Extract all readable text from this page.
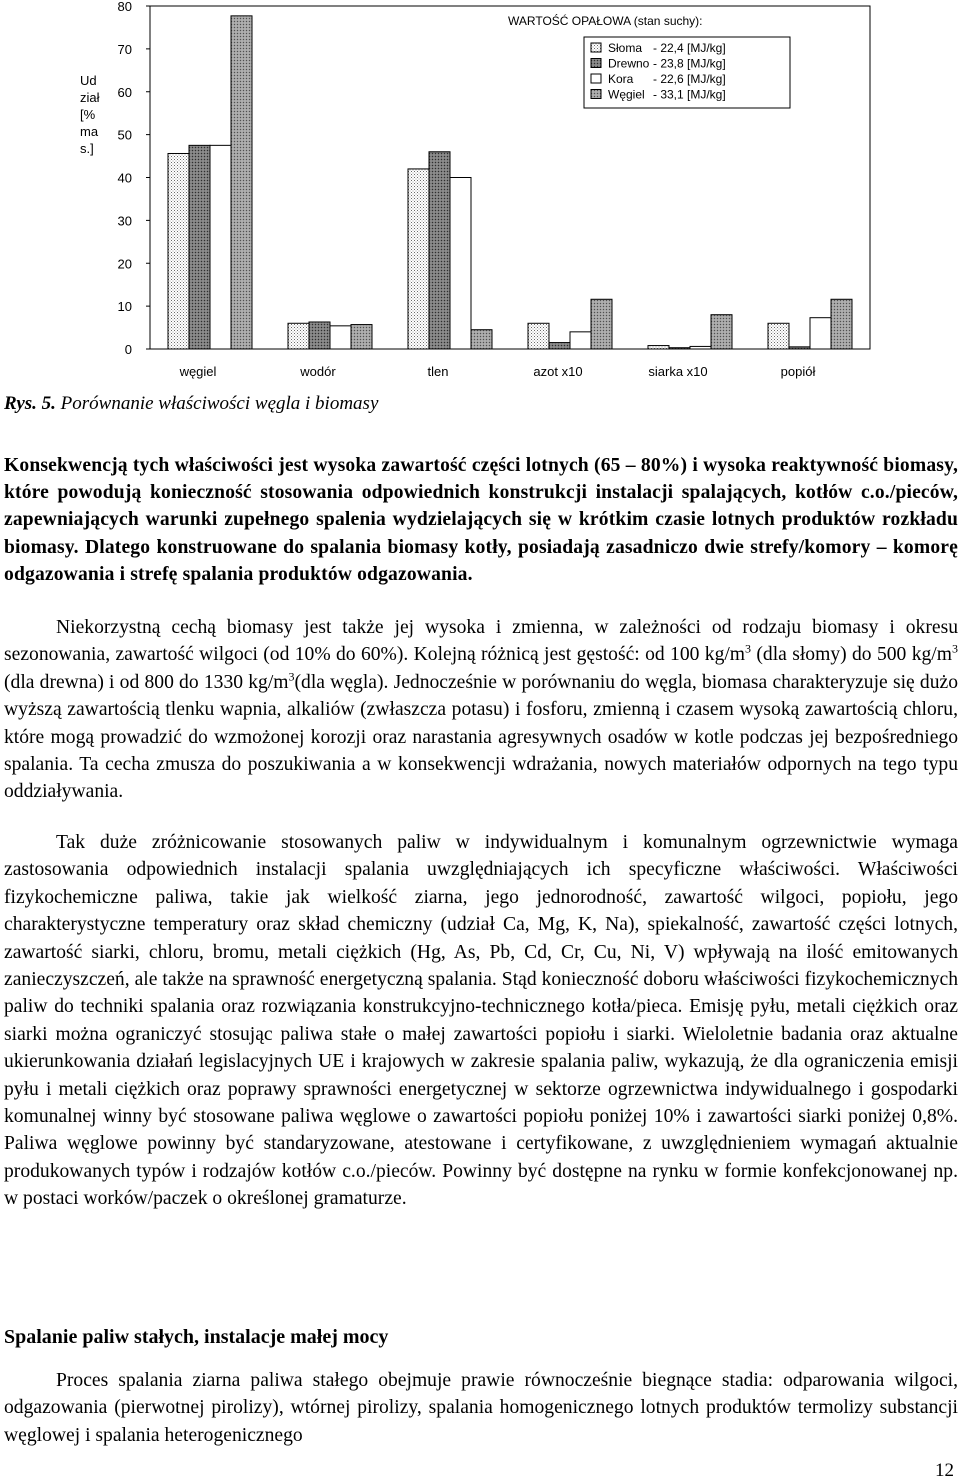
0
10
20
30
40
50
60
70
80
węgiel	wodór	tlen	azot x10	siarka x10	popiół
WARTOŚĆ OPAŁOWA (stan suchy):
Słoma - 22,4 [MJ/kg]
Drewno - 23,8 [MJ/kg]
Kora - 22,6 [MJ/kg]
Węgiel - 33,1 [MJ/kg]
Ud
ział
[%
ma
s.]
Rys. 5. Porównanie właściwości węgla i biomasy
Konsekwencją tych właściwości jest wysoka zawartość części lotnych (65 – 80%) i wysoka reaktywność biomasy, które powodują konieczność stosowania odpowiednich konstrukcji instalacji spalających, kotłów c.o./pieców, zapewniających warunki zupełnego spalenia wydzielających się w krótkim czasie lotnych produktów rozkładu biomasy. Dlatego konstruowane do spalania biomasy kotły, posiadają zasadniczo dwie strefy/komory – komorę odgazowania i strefę spalania produktów odgazowania.
Niekorzystną cechą biomasy jest także jej wysoka i zmienna, w zależności od rodzaju biomasy i okresu sezonowania, zawartość wilgoci (od 10% do 60%). Kolejną różnicą jest gęstość: od 100 $kg/m^3$ (dla słomy) do 500 $kg/m^3$ (dla drewna) i od 800 do 1330 $kg/m^3(dla$ węgla). Jednocześnie w porównaniu do węgla, biomasa charakteryzuje się dużo wyższą zawartością tlenku wapnia, alkaliów (zwłaszcza potasu) i fosforu, zmienną i czasem wysoką zawartością chloru, które mogą prowadzić do wzmożonej korozji oraz narastania agresywnych osadów w kotle podczas jej bezpośredniego spalania. Ta cecha zmusza do poszukiwania a w konsekwencji wdrażania, nowych materiałów odpornych na tego typu oddziaływania.
Tak duże zróżnicowanie stosowanych paliw w indywidualnym i komunalnym ogrzewnictwie wymaga zastosowania odpowiednich instalacji spalania uwzględniających ich specyficzne właściwości. Właściwości fizykochemiczne paliwa, takie jak wielkość ziarna, jego jednorodność, zawartość wilgoci, popiołu, jego charakterystyczne temperatury oraz skład chemiczny (udział Ca, Mg, K, Na), spiekalność, zawartość części lotnych, zawartość siarki, chloru, bromu, metali ciężkich (Hg, As, Pb, Cd, Cr, Cu, Ni, V) wpływają na ilość emitowanych zanieczyszczeń, ale także na sprawność energetyczną spalania. Stąd konieczność doboru właściwości fizykochemicznych paliw do techniki spalania oraz rozwiązania konstrukcyjno-technicznego kotła/pieca. Emisję pyłu, metali ciężkich oraz siarki można ograniczyć stosując paliwa stałe o małej zawartości popiołu i siarki. Wieloletnie badania oraz aktualne ukierunkowania działań legislacyjnych UE i krajowych w zakresie spalania paliw, wykazują, że dla ograniczenia emisji pyłu i metali ciężkich oraz poprawy sprawności energetycznej w sektorze ogrzewnictwa indywidualnego i gospodarki komunalnej winny być stosowane paliwa węglowe o zawartości popiołu poniżej 10% i zawartości siarki poniżej 0,8%. Paliwa węglowe powinny być standaryzowane, atestowane i certyfikowane, z uwzględnieniem wymagań aktualnie produkowanych typów i rodzajów kotłów c.o./pieców. Powinny być dostępne na rynku w formie konfekcjonowanej np. w postaci worków/paczek o określonej gramaturze.
Spalanie paliw stałych, instalacje małej mocy
Proces spalania ziarna paliwa stałego obejmuje prawie równocześnie biegnące stadia: odparowania wilgoci, odgazowania (pierwotnej pirolizy), wtórnej pirolizy, spalania homogenicznego lotnych produktów termolizy substancji węglowej i spalania heterogenicznego
12
